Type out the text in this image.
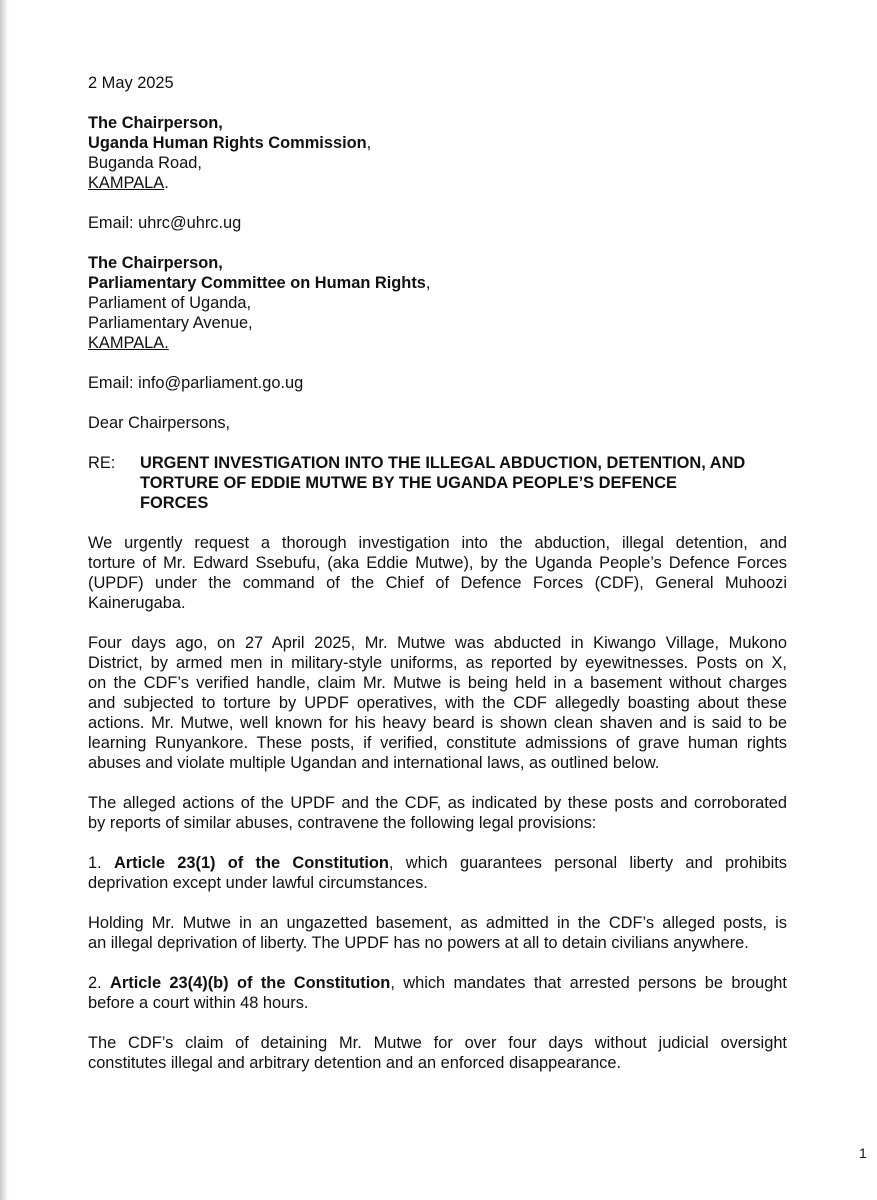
2 May 2025
The Chairperson,
Uganda Human Rights Commission,
Buganda Road,
KAMPALA.
Email: uhrc@uhrc.ug
The Chairperson,
Parliamentary Committee on Human Rights,
Parliament of Uganda,
Parliamentary Avenue,
KAMPALA.
Email: info@parliament.go.ug
Dear Chairpersons,
RE:	URGENT INVESTIGATION INTO THE ILLEGAL ABDUCTION, DETENTION, AND
TORTURE OF EDDIE MUTWE BY THE UGANDA PEOPLE’S DEFENCE
FORCES
We urgently request a thorough investigation into the abduction, illegal detention, and
torture of Mr. Edward Ssebufu, (aka Eddie Mutwe), by the Uganda People’s Defence Forces
(UPDF) under the command of the Chief of Defence Forces (CDF), General Muhoozi
Kainerugaba.
Four days ago, on 27 April 2025, Mr. Mutwe was abducted in Kiwango Village, Mukono
District, by armed men in military-style uniforms, as reported by eyewitnesses. Posts on X,
on the CDF’s verified handle, claim Mr. Mutwe is being held in a basement without charges
and subjected to torture by UPDF operatives, with the CDF allegedly boasting about these
actions. Mr. Mutwe, well known for his heavy beard is shown clean shaven and is said to be
learning Runyankore. These posts, if verified, constitute admissions of grave human rights
abuses and violate multiple Ugandan and international laws, as outlined below.
The alleged actions of the UPDF and the CDF, as indicated by these posts and corroborated
by reports of similar abuses, contravene the following legal provisions:
1. Article 23(1) of the Constitution, which guarantees personal liberty and prohibits
deprivation except under lawful circumstances.
Holding Mr. Mutwe in an ungazetted basement, as admitted in the CDF’s alleged posts, is
an illegal deprivation of liberty. The UPDF has no powers at all to detain civilians anywhere.
2. Article 23(4)(b) of the Constitution, which mandates that arrested persons be brought
before a court within 48 hours.
The CDF’s claim of detaining Mr. Mutwe for over four days without judicial oversight
constitutes illegal and arbitrary detention and an enforced disappearance.
1
